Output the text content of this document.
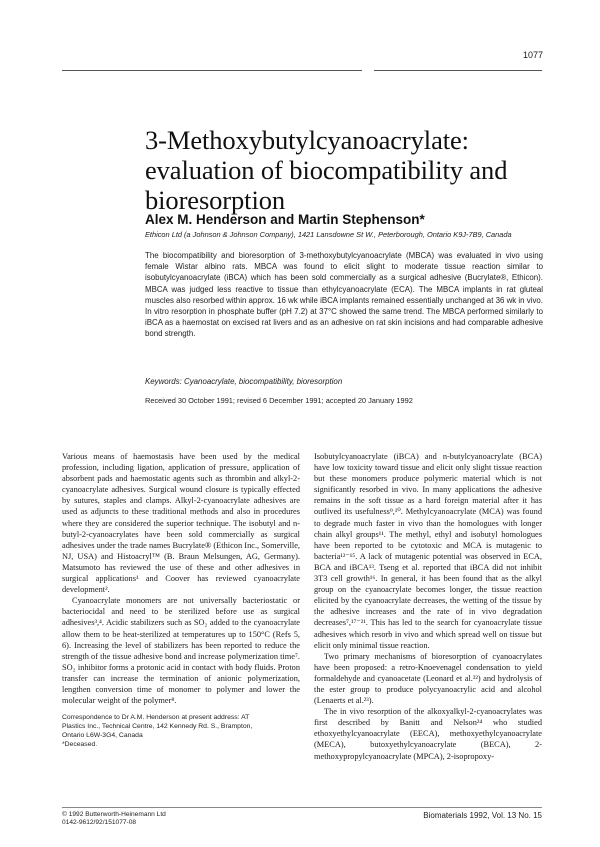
1077
3-Methoxybutylcyanoacrylate:
evaluation of biocompatibility and
bioresorption
Alex M. Henderson and Martin Stephenson*
Ethicon Ltd (a Johnson & Johnson Company), 1421 Lansdowne St W., Peterborough, Ontario K9J-7B9, Canada
The biocompatibility and bioresorption of 3-methoxybutylcyanoacrylate (MBCA) was evaluated in vivo using female Wistar albino rats. MBCA was found to elicit slight to moderate tissue reaction similar to isobutylcyanoacrylate (iBCA) which has been sold commercially as a surgical adhesive (Bucrylate®, Ethicon). MBCA was judged less reactive to tissue than ethylcyanoacrylate (ECA). The MBCA implants in rat gluteal muscles also resorbed within approx. 16 wk while iBCA implants remained essentially unchanged at 36 wk in vivo. In vitro resorption in phosphate buffer (pH 7.2) at 37°C showed the same trend. The MBCA performed similarly to iBCA as a haemostat on excised rat livers and as an adhesive on rat skin incisions and had comparable adhesive bond strength.
Keywords: Cyanoacrylate, biocompatibility, bioresorption
Received 30 October 1991; revised 6 December 1991; accepted 20 January 1992

Various means of haemostasis have been used by the medical profession, including ligation, application of pressure, application of absorbent pads and haemostatic agents such as thrombin and alkyl-2-cyanoacrylate adhesives. Surgical wound closure is typically effected by sutures, staples and clamps. Alkyl-2-cyanoacrylate adhesives are used as adjuncts to these traditional methods and also in procedures where they are considered the superior technique. The isobutyl and n-butyl-2-cyanoacrylates have been sold commercially as surgical adhesives under the trade names Bucrylate® (Ethicon Inc., Somerville, NJ, USA) and Histoacryl™ (B. Braun Melsungen, AG, Germany). Matsumoto has reviewed the use of these and other adhesives in surgical applications¹ and Coover has reviewed cyanoacrylate development².

Cyanoacrylate monomers are not universally bacteriostatic or bacteriocidal and need to be sterilized before use as surgical adhesives³,⁴. Acidic stabilizers such as SO₂ added to the cyanoacrylate allow them to be heat-sterilized at temperatures up to 150°C (Refs 5, 6). Increasing the level of stabilizers has been reported to reduce the strength of the tissue adhesive bond and increase polymerization time⁷. SO₂ inhibitor forms a protonic acid in contact with body fluids. Proton transfer can increase the termination of anionic polymerization, lengthen conversion time of monomer to polymer and lower the molecular weight of the polymer⁸.

Correspondence to Dr A.M. Henderson at present address: AT
Plastics Inc., Technical Centre, 142 Kennedy Rd. S., Brampton,
Ontario L6W-3G4, Canada
*Deceased.

Isobutylcyanoacrylate (iBCA) and n-butylcyanoacrylate (BCA) have low toxicity toward tissue and elicit only slight tissue reaction but these monomers produce polymeric material which is not significantly resorbed in vivo. In many applications the adhesive remains in the soft tissue as a hard foreign material after it has outlived its usefulness⁹,¹⁰. Methylcyanoacrylate (MCA) was found to degrade much faster in vivo than the homologues with longer chain alkyl groups¹¹. The methyl, ethyl and isobutyl homologues have been reported to be cytotoxic and MCA is mutagenic to bacteria¹²⁻¹⁵. A lack of mutagenic potential was observed in ECA, BCA and iBCA¹³. Tseng et al. reported that iBCA did not inhibit 3T3 cell growth¹⁶. In general, it has been found that as the alkyl group on the cyanoacrylate becomes longer, the tissue reaction elicited by the cyanoacrylate decreases, the wetting of the tissue by the adhesive increases and the rate of in vivo degradation decreases⁷,¹⁷⁻²¹. This has led to the search for cyanoacrylate tissue adhesives which resorb in vivo and which spread well on tissue but elicit only minimal tissue reaction.

Two primary mechanisms of bioresorption of cyanoacrylates have been proposed: a retro-Knoevenagel condensation to yield formaldehyde and cyanoacetate (Leonard et al.²²) and hydrolysis of the ester group to produce polycyanoacrylic acid and alcohol (Lenaerts et al.²³).

The in vivo resorption of the alkoxyalkyl-2-cyanoacrylates was first described by Banitt and Nelson²⁴ who studied ethoxyethylcyanoacrylate (EECA), methoxyethylcyanoacrylate (MECA), butoxyethylcyanoacrylate (BECA), 2-methoxypropylcyanoacrylate (MPCA), 2-isopropoxy-

© 1992 Butterworth-Heinemann Ltd
0142-9612/92/151077-08
Biomaterials 1992, Vol. 13 No. 15
